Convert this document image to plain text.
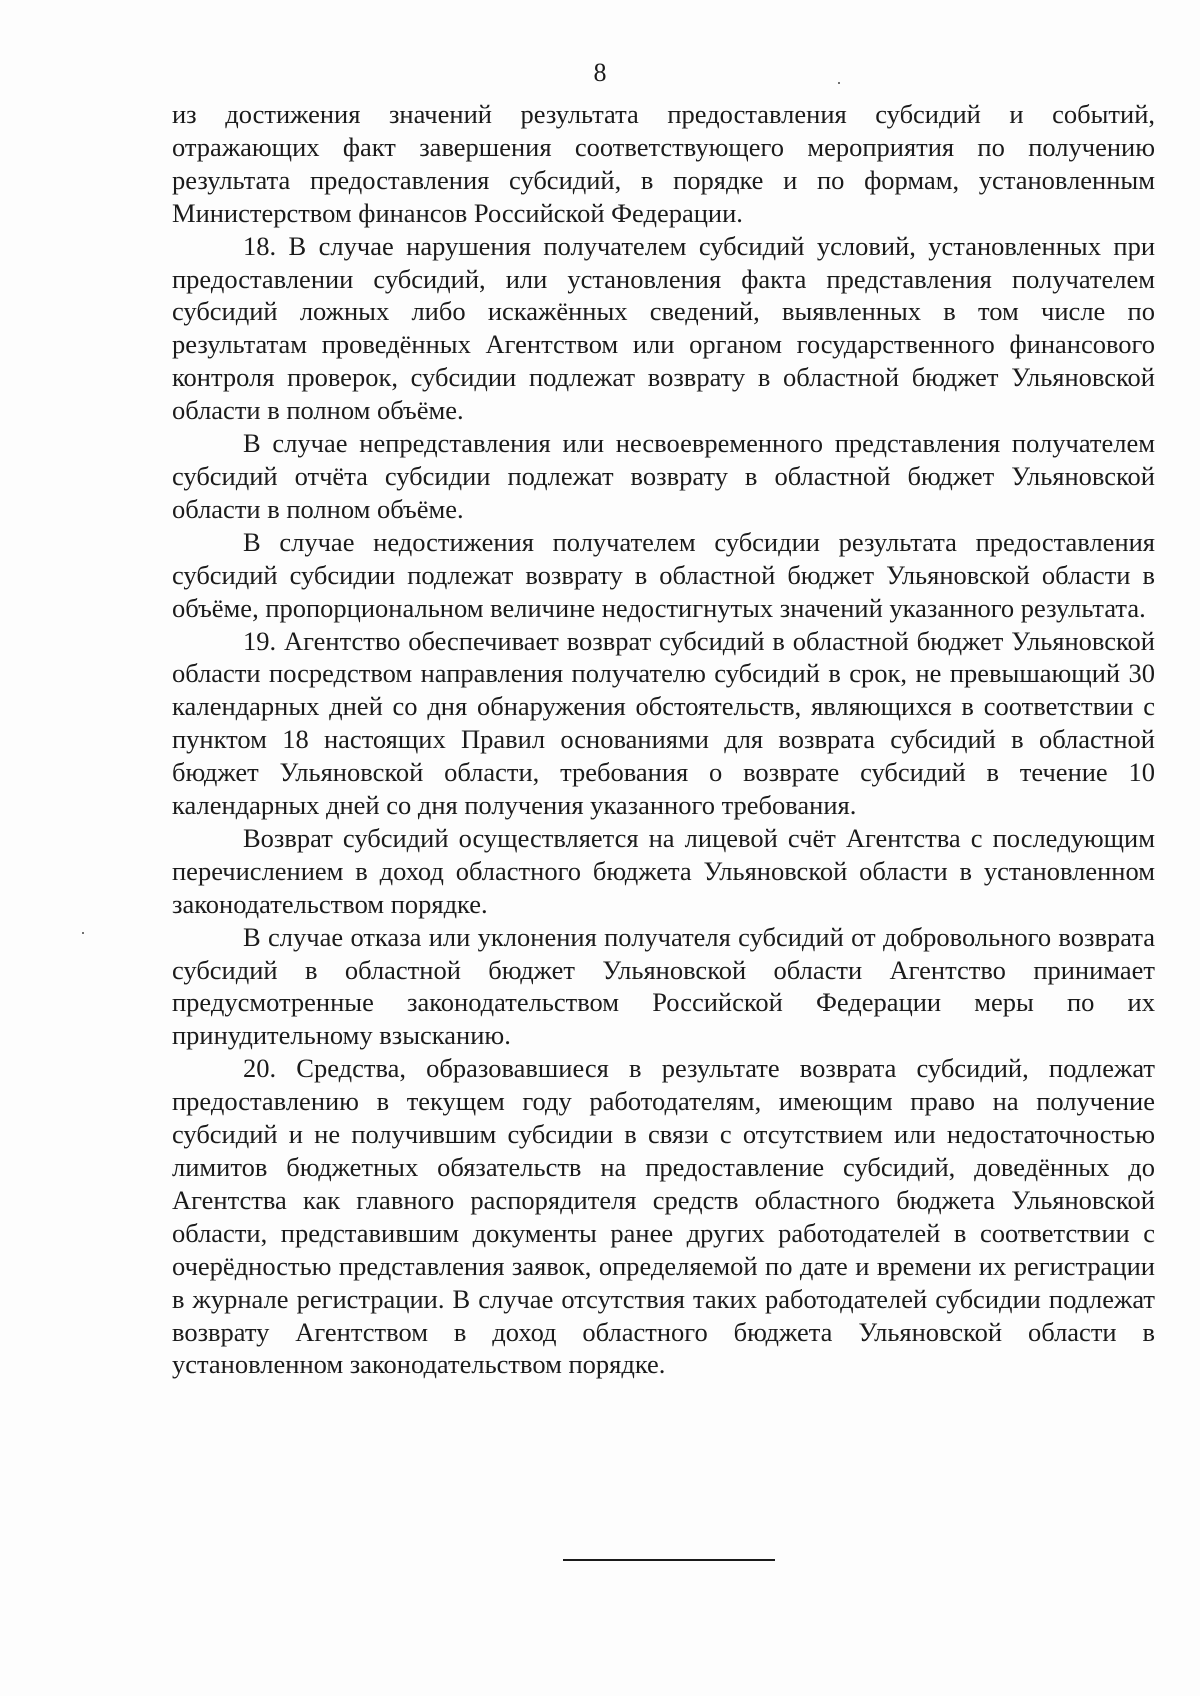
8

из достижения значений результата предоставления субсидий и событий, отражающих факт завершения соответствующего мероприятия по получению результата предоставления субсидий, в порядке и по формам, установленным Министерством финансов Российской Федерации.

18. В случае нарушения получателем субсидий условий, установленных при предоставлении субсидий, или установления факта представления получателем субсидий ложных либо искажённых сведений, выявленных в том числе по результатам проведённых Агентством или органом государственного финансового контроля проверок, субсидии подлежат возврату в областной бюджет Ульяновской области в полном объёме.

В случае непредставления или несвоевременного представления получателем субсидий отчёта субсидии подлежат возврату в областной бюджет Ульяновской области в полном объёме.

В случае недостижения получателем субсидии результата предоставления субсидий субсидии подлежат возврату в областной бюджет Ульяновской области в объёме, пропорциональном величине недостигнутых значений указанного результата.

19. Агентство обеспечивает возврат субсидий в областной бюджет Ульяновской области посредством направления получателю субсидий в срок, не превышающий 30 календарных дней со дня обнаружения обстоятельств, являющихся в соответствии с пунктом 18 настоящих Правил основаниями для возврата субсидий в областной бюджет Ульяновской области, требования о возврате субсидий в течение 10 календарных дней со дня получения указанного требования.

Возврат субсидий осуществляется на лицевой счёт Агентства с последующим перечислением в доход областного бюджета Ульяновской области в установленном законодательством порядке.

В случае отказа или уклонения получателя субсидий от добровольного возврата субсидий в областной бюджет Ульяновской области Агентство принимает предусмотренные законодательством Российской Федерации меры по их принудительному взысканию.

20. Средства, образовавшиеся в результате возврата субсидий, подлежат предоставлению в текущем году работодателям, имеющим право на получение субсидий и не получившим субсидии в связи с отсутствием или недостаточностью лимитов бюджетных обязательств на предоставление субсидий, доведённых до Агентства как главного распорядителя средств областного бюджета Ульяновской области, представившим документы ранее других работодателей в соответствии с очерёдностью представления заявок, определяемой по дате и времени их регистрации в журнале регистрации. В случае отсутствия таких работодателей субсидии подлежат возврату Агентством в доход областного бюджета Ульяновской области в установленном законодательством порядке.
